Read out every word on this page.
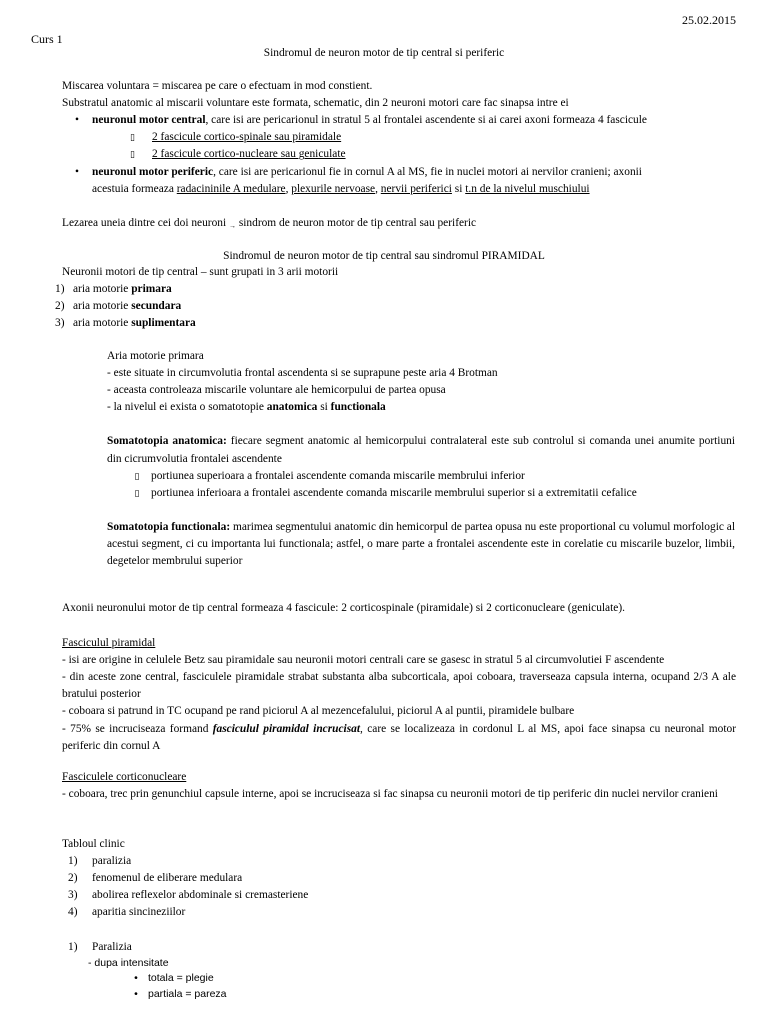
25.02.2015
Curs 1
Sindromul de neuron motor de tip central si periferic

Miscarea voluntara = miscarea pe care o efectuam in mod constient.

Substratul anatomic al miscarii voluntare este formata, schematic, din 2 neuroni motori care fac sinapsa intre ei

•	neuronul motor central, care isi are pericarionul in stratul 5 al frontalei ascendente si ai carei axoni formeaza 4 fascicule
▯	2 fascicule cortico-spinale sau piramidale
▯	2 fascicule cortico-nucleare sau geniculate
•	neuronul motor periferic, care isi are pericarionul fie in cornul A al MS, fie in nuclei motori ai nervilor cranieni; axonii

acestuia formeaza radacininile A medulare, plexurile nervoase, nervii periferici si t.n de la nivelul muschiului

Lezarea uneia dintre cei doi neuroni → sindrom de neuron motor de tip central sau periferic

Sindromul de neuron motor de tip central sau sindromul PIRAMIDAL

Neuronii motori de tip central – sunt grupati in 3 arii motorii

1) aria motorie primara
2) aria motorie secundara
3) aria motorie suplimentara

Aria motorie primara

- este situate in circumvolutia frontal ascendenta si se suprapune peste aria 4 Brotman

- aceasta controleaza miscarile voluntare ale hemicorpului de partea opusa

- la nivelul ei exista o somatotopie anatomica si functionala

Somatotopia anatomica: fiecare segment anatomic al hemicorpului contralateral este sub controlul si comanda unei anumite portiuni din cicrumvolutia frontalei ascendente

▯	portiunea superioara a frontalei ascendente comanda miscarile membrului inferior
▯	portiunea inferioara a frontalei ascendente comanda miscarile membrului superior si a extremitatii cefalice

Somatotopia functionala: marimea segmentului anatomic din hemicorpul de partea opusa nu este proportional cu volumul morfologic al acestui segment, ci cu importanta lui functionala; astfel, o mare parte a frontalei ascendente este in corelatie cu miscarile buzelor, limbii, degetelor membrului superior

Axonii neuronului motor de tip central formeaza 4 fascicule: 2 corticospinale (piramidale) si 2 corticonucleare (geniculate).

Fasciculul piramidal

- isi are origine in celulele Betz sau piramidale sau neuronii motori centrali care se gasesc in stratul 5 al circumvolutiei F ascendente

- din aceste zone central, fasciculele piramidale strabat substanta alba subcorticala, apoi coboara, traverseaza capsula interna, ocupand 2/3 A ale bratului posterior

- coboara si patrund in TC ocupand pe rand piciorul A al mezencefalului, piciorul A al puntii, piramidele bulbare

- 75% se incruciseaza formand fasciculul piramidal incrucisat, care se localizeaza in cordonul L al MS, apoi face sinapsa cu neuronal motor periferic din cornul A

Fasciculele corticonucleare

- coboara, trec prin genunchiul capsule interne, apoi se incruciseaza si fac sinapsa cu neuronii motori de tip periferic din nuclei nervilor cranieni

Tabloul clinic

1)	paralizia
2)	fenomenul de eliberare medulara
3)	abolirea reflexelor abdominale si cremasteriene
4)	aparitia sincineziilor
1)	Paralizia

- dupa intensitate

• totala = plegie
• partiala = pareza
